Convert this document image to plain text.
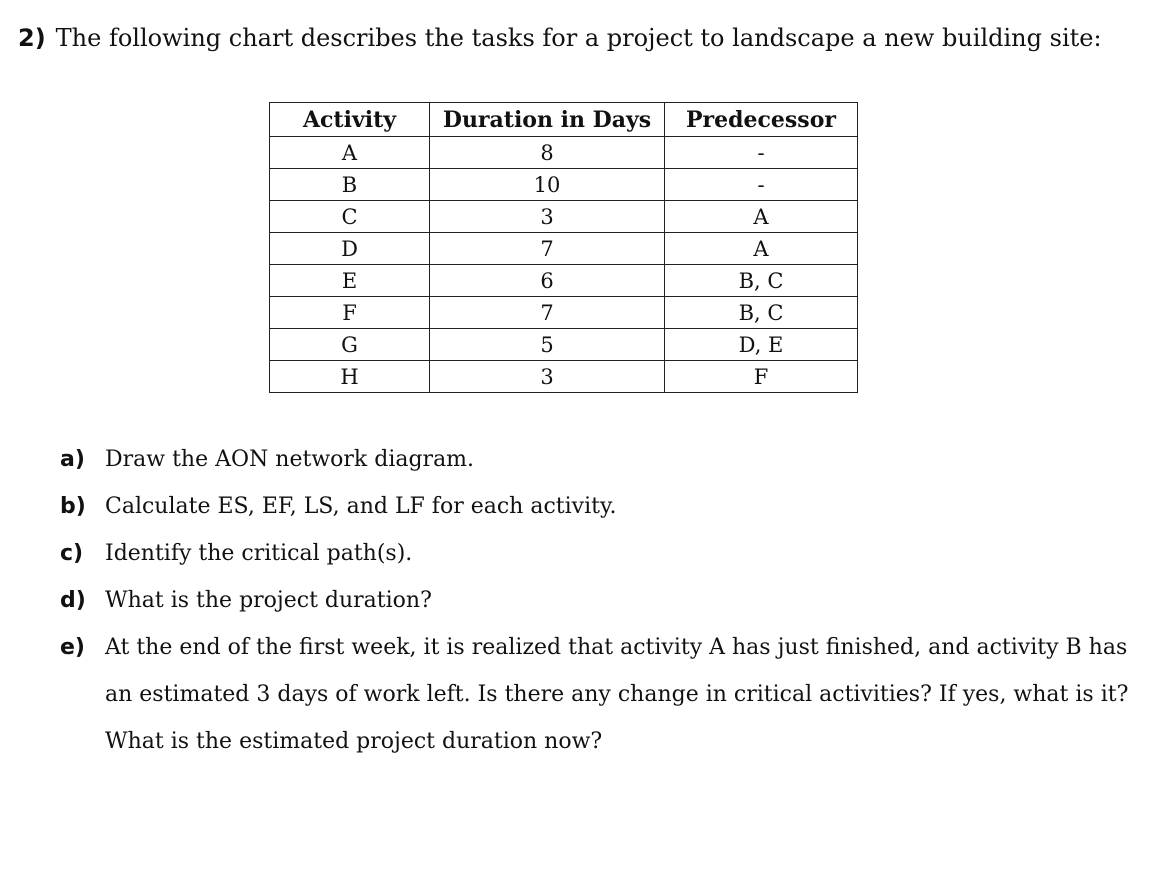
2) The following chart describes the tasks for a project to landscape a new building site:
Activity	Duration in Days	Predecessor
A	8	-
B	10	-
C	3	A
D	7	A
E	6	B, C
F	7	B, C
G	5	D, E
H	3	F
a) Draw the AON network diagram.
b) Calculate ES, EF, LS, and LF for each activity.
c) Identify the critical path(s).
d) What is the project duration?
e) At the end of the first week, it is realized that activity A has just finished, and activity B has an estimated 3 days of work left. Is there any change in critical activities? If yes, what is it? What is the estimated project duration now?
